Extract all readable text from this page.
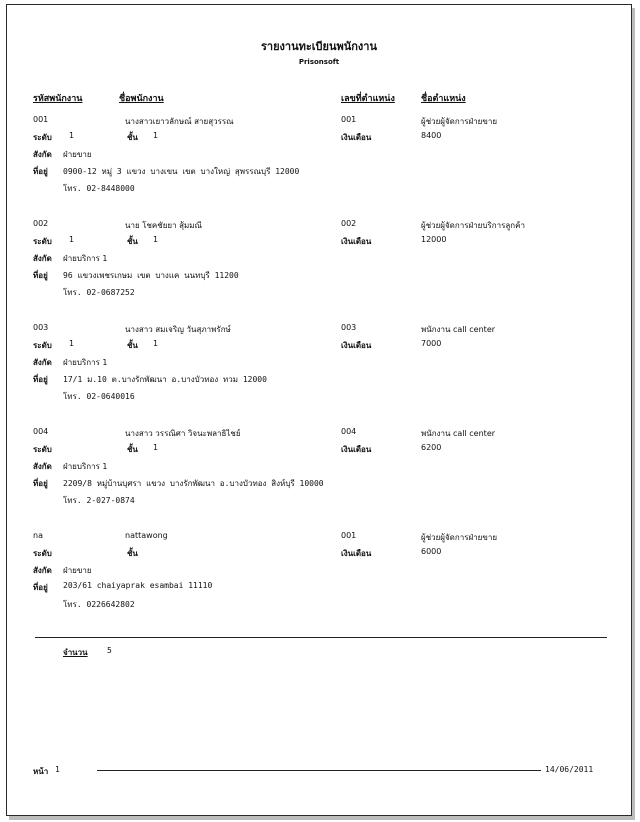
รายงานทะเบียนพนักงาน
Prisonsoft
รหัสพนักงาน	ชื่อพนักงาน	เลขที่ตำแหน่ง	ชื่อตำแหน่ง
001	นางสาวเยาวลักษณ์ สายสุวรรณ	001	ผู้ช่วยผู้จัดการฝ่ายขาย
ระดับ 1	ชั้น 1	เงินเดือน	8400
สังกัด ฝ่ายขาย
ที่อยู่ 0900-12 หมู่ 3 แขวง บางเขน เขต บางใหญ่ สุพรรณบุรี 12000
โทร. 02-8448000
002	นาย โชคชัยยา สุ้มมณี	002	ผู้ช่วยผู้จัดการฝ่ายบริการลูกค้า
ระดับ 1	ชั้น 1	เงินเดือน	12000
สังกัด ฝ่ายบริการ 1
ที่อยู่ 96 แขวงเพชรเกษม เขต บางแค นนทบุรี 11200
โทร. 02-0687252
003	นางสาว สมเจริญ วันสุภาพรักษ์	003	พนักงาน call center
ระดับ 1	ชั้น 1	เงินเดือน	7000
สังกัด ฝ่ายบริการ 1
ที่อยู่ 17/1 ม.10 ต.บางรักพัฒนา อ.บางบัวทอง ทวม 12000
โทร. 02-0640016
004	นางสาว วรรณิศา วิจนะพลาธิไชย์	004	พนักงาน call center
ระดับ	ชั้น 1	เงินเดือน	6200
สังกัด ฝ่ายบริการ 1
ที่อยู่ 2209/8 หมู่บ้านบุศรา แขวง บางรักพัฒนา อ.บางบัวทอง สิงห์บุรี 10000
โทร. 2-027-0874
na	nattawong	001	ผู้ช่วยผู้จัดการฝ่ายขาย
ระดับ	ชั้น	เงินเดือน	6000
สังกัด ฝ่ายขาย
ที่อยู่ 203/61 chaiyaprak esambai 11110
โทร. 0226642802
จำนวน 5
หน้า 1	14/06/2011
